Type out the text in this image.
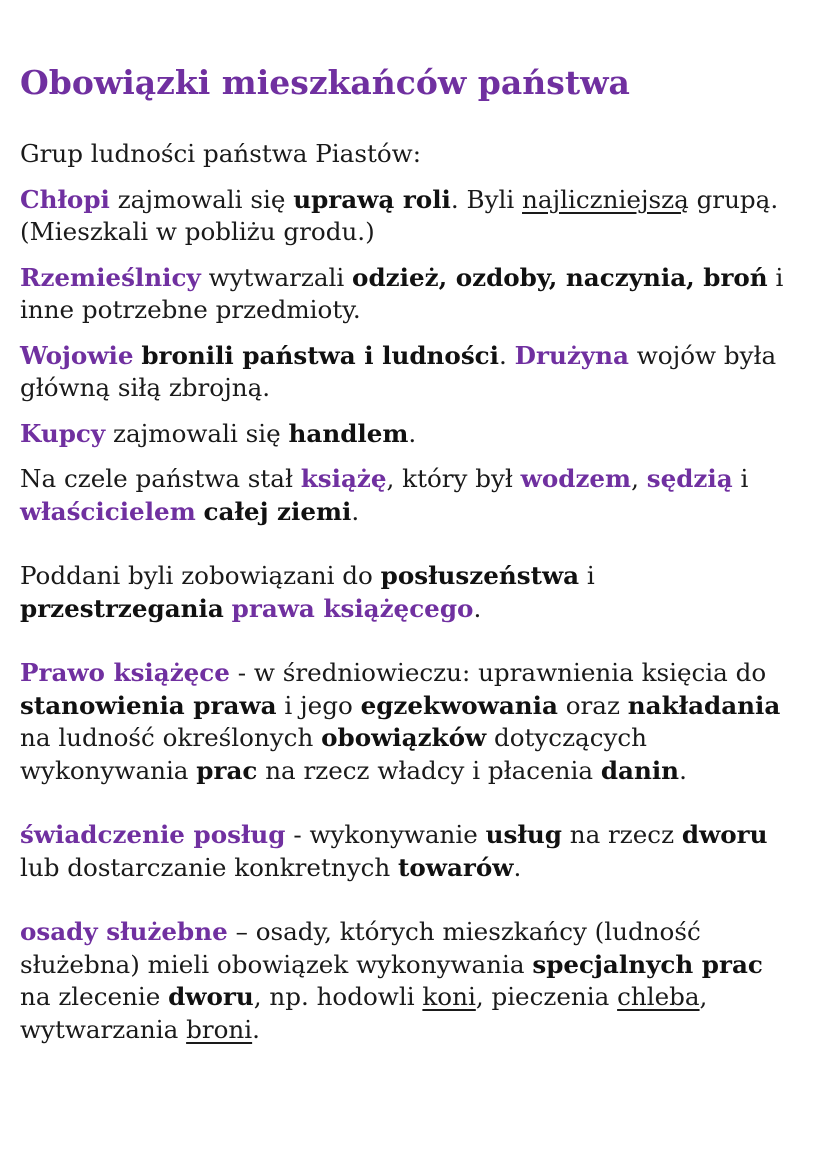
Obowiązki mieszkańców państwa

Grup ludności państwa Piastów:

Chłopi zajmowali się uprawą roli. Byli najliczniejszą grupą. (Mieszkali w pobliżu grodu.)

Rzemieślnicy wytwarzali odzież, ozdoby, naczynia, broń i inne potrzebne przedmioty.

Wojowie bronili państwa i ludności. Drużyna wojów była główną siłą zbrojną.

Kupcy zajmowali się handlem.

Na czele państwa stał książę, który był wodzem, sędzią i właścicielem całej ziemi.

Poddani byli zobowiązani do posłuszeństwa i przestrzegania prawa książęcego.

Prawo książęce - w średniowieczu: uprawnienia księcia do stanowienia prawa i jego egzekwowania oraz nakładania na ludność określonych obowiązków dotyczących wykonywania prac na rzecz władcy i płacenia danin.

świadczenie posług - wykonywanie usług na rzecz dworu lub dostarczanie konkretnych towarów.

osady służebne – osady, których mieszkańcy (ludność służebna) mieli obowiązek wykonywania specjalnych prac na zlecenie dworu, np. hodowli koni, pieczenia chleba, wytwarzania broni.
